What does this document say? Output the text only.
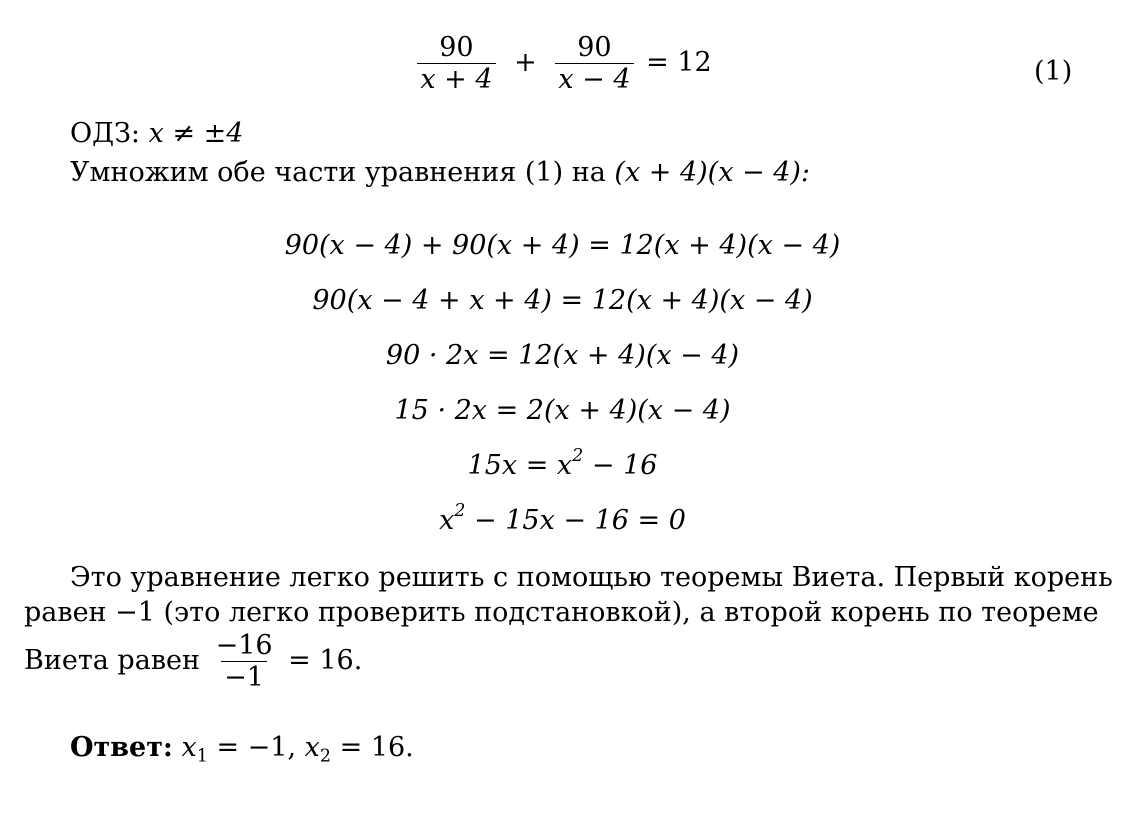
$\frac{90}{x + 4} + \frac{90}{x - 4} = 12$	(1)
ОДЗ: x ≠ ±4
Умножим обе части уравнения (1) на (x + 4)(x − 4):
90(x − 4) + 90(x + 4) = 12(x + 4)(x − 4)
90(x − 4 + x + 4) = 12(x + 4)(x − 4)
90 · 2x = 12(x + 4)(x − 4)
15 · 2x = 2(x + 4)(x − 4)
$15x = x^2 - 16$
$x^2 - 15x - 16 = 0$
Это уравнение легко решить с помощью теоремы Виета. Первый корень
равен −1 (это легко проверить подстановкой), а второй корень по теореме
Виета равен $\frac{-16}{-1} = 16$.
Ответ: $x_1 = -1$, $x_2 = 16$.
